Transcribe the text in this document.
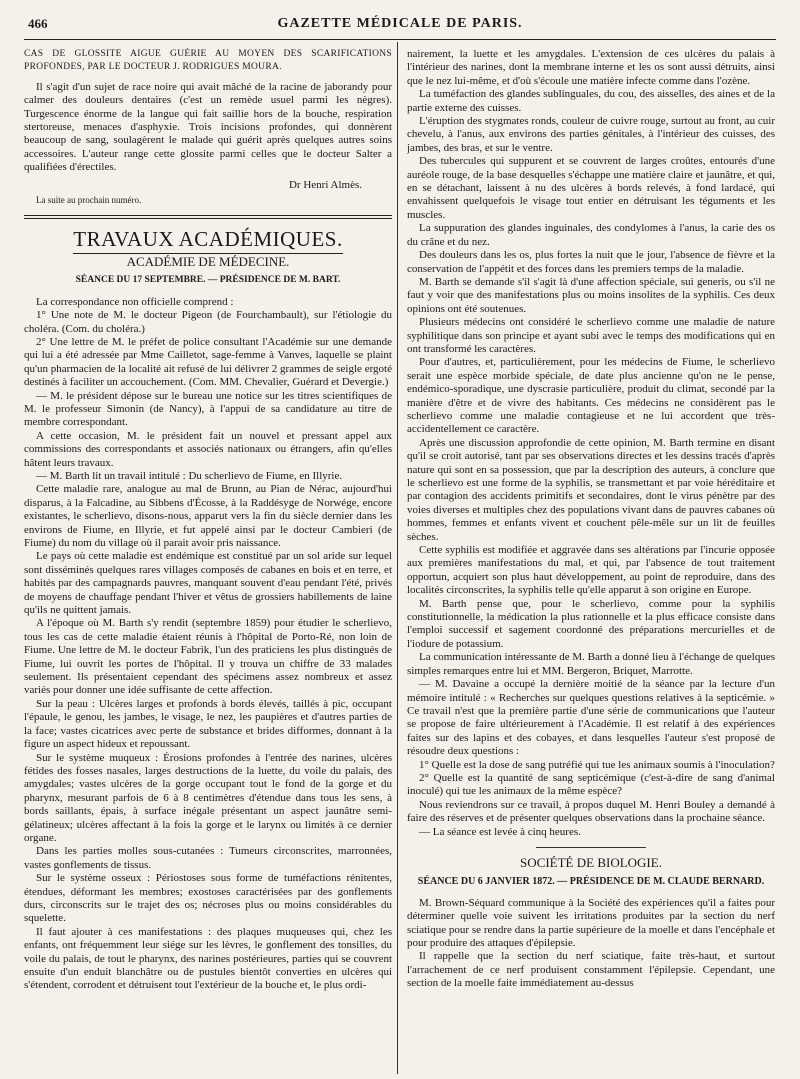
466	GAZETTE MÉDICALE DE PARIS.

CAS DE GLOSSITE AIGUE GUÉRIE AU MOYEN DES SCARIFICATIONS PROFONDES, PAR LE DOCTEUR J. RODRIGUES MOURA.

Il s'agit d'un sujet de race noire qui avait mâché de la racine de jaborandy pour calmer des douleurs dentaires (c'est un remède usuel parmi les nègres). Turgescence énorme de la langue qui fait saillie hors de la bouche, respiration stertoreuse, menaces d'asphyxie. Trois incisions profondes, qui donnèrent beaucoup de sang, soulagèrent le malade qui guérit après quelques autres soins accessoires. L'auteur range cette glossite parmi celles que le docteur Salter a qualifiées d'érectiles.

Dr Henri Almès.

La suite au prochain numéro.

TRAVAUX ACADÉMIQUES.

ACADÉMIE DE MÉDECINE.

SÉANCE DU 17 SEPTEMBRE. — PRÉSIDENCE DE M. BART.

La correspondance non officielle comprend :

1° Une note de M. le docteur Pigeon (de Fourchambault), sur l'étiologie du choléra. (Com. du choléra.)

2° Une lettre de M. le préfet de police consultant l'Académie sur une demande qui lui a été adressée par Mme Cailletot, sage-femme à Vanves, laquelle se plaint qu'un pharmacien de la localité ait refusé de lui délivrer 2 grammes de seigle ergoté destinés à faciliter un accouchement. (Com. MM. Chevalier, Guérard et Devergie.)

— M. le président dépose sur le bureau une notice sur les titres scientifiques de M. le professeur Simonin (de Nancy), à l'appui de sa candidature au titre de membre correspondant.

A cette occasion, M. le président fait un nouvel et pressant appel aux commissions des correspondants et associés nationaux ou étrangers, afin qu'elles hâtent leurs travaux.

— M. Barth lit un travail intitulé : Du scherlievo de Fiume, en Illyrie.

Cette maladie rare, analogue au mal de Brunn, au Pian de Nérac, aujourd'hui disparus, à la Falcadine, au Sibbens d'Écosse, à la Raddésyge de Norwége, encore existantes, le scherlievo, disons-nous, apparut vers la fin du siècle dernier dans les environs de Fiume, en Illyrie, et fut appelé ainsi par le docteur Cambieri (de Fiume) du nom du village où il parait avoir pris naissance.

Le pays où cette maladie est endémique est constitué par un sol aride sur lequel sont disséminés quelques rares villages composés de cabanes en bois et en terre, et habités par des campagnards pauvres, manquant souvent d'eau pendant l'été, privés de moyens de chauffage pendant l'hiver et vêtus de grossiers habillements de laine qu'ils ne quittent jamais.

A l'époque où M. Barth s'y rendit (septembre 1859) pour étudier le scherlievo, tous les cas de cette maladie étaient réunis à l'hôpital de Porto-Ré, non loin de Fiume. Une lettre de M. le docteur Fabrik, l'un des praticiens les plus distingués de Fiume, lui ouvrit les portes de l'hôpital. Il y trouva un chiffre de 33 malades seulement. Ils présentaient cependant des spécimens assez nombreux et assez variés pour donner une idée suffisante de cette affection.

Sur la peau : Ulcères larges et profonds à bords élevés, taillés à pic, occupant l'épaule, le genou, les jambes, le visage, le nez, les paupières et d'autres parties de la face; vastes cicatrices avec perte de substance et brides difformes, donnant à la figure un aspect hideux et repoussant.

Sur le système muqueux : Érosions profondes à l'entrée des narines, ulcères fétides des fosses nasales, larges destructions de la luette, du voile du palais, des amygdales; vastes ulcères de la gorge occupant tout le fond de la gorge et du pharynx, mesurant parfois de 6 à 8 centimètres d'étendue dans tous les sens, à bords saillants, épais, à surface inégale présentant un aspect jaunâtre semi-gélatineux; ulcères affectant à la fois la gorge et le larynx ou limités à ce dernier organe.

Dans les parties molles sous-cutanées : Tumeurs circonscrites, marronnées, vastes gonflements de tissus.

Sur le système osseux : Périostoses sous forme de tuméfactions rénitentes, étendues, déformant les membres; exostoses caractérisées par des gonflements durs, circonscrits sur le trajet des os; nécroses plus ou moins considérables du squelette.

Il faut ajouter à ces manifestations : des plaques muqueuses qui, chez les enfants, ont fréquemment leur siége sur les lèvres, le gonflement des tonsilles, du voile du palais, de tout le pharynx, des narines postérieures, parties qui se couvrent ensuite d'un enduit blanchâtre ou de pustules bientôt converties en ulcères qui s'étendent, corrodent et détruisent tout l'extérieur de la bouche et, le plus ordi-

nairement, la luette et les amygdales. L'extension de ces ulcères du palais à l'intérieur des narines, dont la membrane interne et les os sont aussi détruits, ainsi que le nez lui-même, et d'où s'écoule une matière infecte comme dans l'ozène.

La tuméfaction des glandes sublinguales, du cou, des aisselles, des aines et de la partie externe des cuisses.

L'éruption des stygmates ronds, couleur de cuivre rouge, surtout au front, au cuir chevelu, à l'anus, aux environs des parties génitales, à l'intérieur des cuisses, des jambes, des bras, et sur le ventre.

Des tubercules qui suppurent et se couvrent de larges croûtes, entourés d'une auréole rouge, de la base desquelles s'échappe une matière claire et jaunâtre, et qui, en se détachant, laissent à nu des ulcères à bords relevés, à fond lardacé, qui envahissent quelquefois le visage tout entier en détruisant les téguments et les muscles.

La suppuration des glandes inguinales, des condylomes à l'anus, la carie des os du crâne et du nez.

Des douleurs dans les os, plus fortes la nuit que le jour, l'absence de fièvre et la conservation de l'appétit et des forces dans les premiers temps de la maladie.

M. Barth se demande s'il s'agit là d'une affection spéciale, sui generis, ou s'il ne faut y voir que des manifestations plus ou moins insolites de la syphilis. Ces deux opinions ont été soutenues.

Plusieurs médecins ont considéré le scherlievo comme une maladie de nature syphilitique dans son principe et ayant subi avec le temps des modifications qui en ont transformé les caractères.

Pour d'autres, et, particulièrement, pour les médecins de Fiume, le scherlievo serait une espèce morbide spéciale, de date plus ancienne qu'on ne le pense, endémico-sporadique, une dyscrasie particulière, produit du climat, secondé par la manière d'être et de vivre des habitants. Ces médecins ne considèrent pas le scherlievo comme une maladie contagieuse et ne lui accordent que très-accidentellement ce caractère.

Après une discussion approfondie de cette opinion, M. Barth termine en disant qu'il se croit autorisé, tant par ses observations directes et les dessins tracés d'après nature qui sont en sa possession, que par la description des auteurs, à conclure que le scherlievo est une forme de la syphilis, se transmettant et par voie héréditaire et par contagion des accidents primitifs et secondaires, dont le virus pénètre par des voies diverses et multiples chez des populations vivant dans de pauvres cabanes où hommes, femmes et enfants vivent et couchent pêle-mêle sur un lit de feuilles sèches.

Cette syphilis est modifiée et aggravée dans ses altérations par l'incurie opposée aux premières manifestations du mal, et qui, par l'absence de tout traitement opportun, acquiert son plus haut développement, au point de reproduire, dans des localités circonscrites, la syphilis telle qu'elle apparut à son origine en Europe.

M. Barth pense que, pour le scherlievo, comme pour la syphilis constitutionnelle, la médication la plus rationnelle et la plus efficace consiste dans l'emploi successif et sagement coordonné des préparations mercurielles et de l'iodure de potassium.

La communication intéressante de M. Barth a donné lieu à l'échange de quelques simples remarques entre lui et MM. Bergeron, Briquet, Marrotte.

— M. Davaine a occupé la dernière moitié de la séance par la lecture d'un mémoire intitulé : « Recherches sur quelques questions relatives à la septicémie. » Ce travail n'est que la première partie d'une série de communications que l'auteur se propose de faire ultérieurement à l'Académie. Il est relatif à des expériences faites sur des lapins et des cobayes, et dans lesquelles l'auteur s'est proposé de résoudre deux questions :

1° Quelle est la dose de sang putréfié qui tue les animaux soumis à l'inoculation?

2° Quelle est la quantité de sang septicémique (c'est-à-dire de sang d'animal inoculé) qui tue les animaux de la même espèce?

Nous reviendrons sur ce travail, à propos duquel M. Henri Bouley a demandé à faire des réserves et de présenter quelques observations dans la prochaine séance.

— La séance est levée à cinq heures.

SOCIÉTÉ DE BIOLOGIE.

SÉANCE DU 6 JANVIER 1872. — PRÉSIDENCE DE M. CLAUDE BERNARD.

M. Brown-Séquard communique à la Société des expériences qu'il a faites pour déterminer quelle voie suivent les irritations produites par la section du nerf sciatique pour se rendre dans la partie supérieure de la moelle et dans l'encéphale et pour produire des attaques d'épilepsie.

Il rappelle que la section du nerf sciatique, faite très-haut, et surtout l'arrachement de ce nerf produisent constamment l'épilepsie. Cependant, une section de la moelle faite immédiatement au-dessus
